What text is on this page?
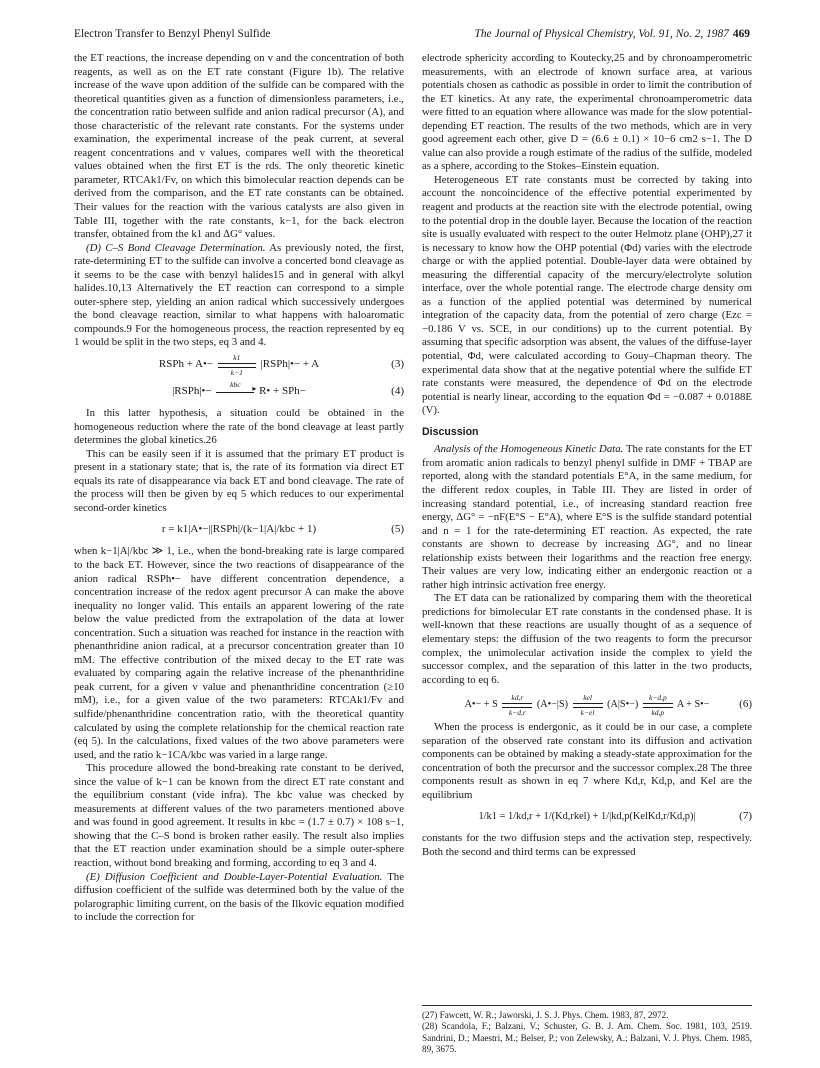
Electron Transfer to Benzyl Phenyl Sulfide	The Journal of Physical Chemistry, Vol. 91, No. 2, 1987 469

the ET reactions, the increase depending on v and the concentration of both reagents, as well as on the ET rate constant (Figure 1b). The relative increase of the wave upon addition of the sulfide can be compared with the theoretical quantities given as a function of dimensionless parameters, i.e., the concentration ratio between sulfide and anion radical precursor (A), and those characteristic of the relevant rate constants. For the systems under examination, the experimental increase of the peak current, at several reagent concentrations and v values, compares well with the theoretical values obtained when the first ET is the rds. The only theoretic kinetic parameter, RTCAk1/Fv, on which this bimolecular reaction depends can be derived from the comparison, and the ET rate constants can be obtained. Their values for the reaction with the various catalysts are also given in Table III, together with the rate constants, k−1, for the back electron transfer, obtained from the k1 and ΔG° values.

(D) C–S Bond Cleavage Determination. As previously noted, the first, rate-determining ET to the sulfide can involve a concerted bond cleavage as it seems to be the case with benzyl halides15 and in general with alkyl halides.10,13 Alternatively the ET reaction can correspond to a simple outer-sphere step, yielding an anion radical which successively undergoes the bond cleavage reaction, similar to what happens with haloaromatic compounds.9 For the homogeneous process, the reaction represented by eq 1 would be split in the two steps, eq 3 and 4.

RSPh + A•− $\frac{k1}{k-1}$ |RSPh|•− + A	(3)
|RSPh|•−
kbc	▸ R• + SPh−	(4)

In this latter hypothesis, a situation could be obtained in the homogeneous reduction where the rate of the bond cleavage at least partly determines the global kinetics.26

This can be easily seen if it is assumed that the primary ET product is present in a stationary state; that is, the rate of its formation via direct ET equals its rate of disappearance via back ET and bond cleavage. The rate of the process will then be given by eq 5 which reduces to our experimental second-order kinetics

r = k1|A•−||RSPh|/(k−1|A|/kbc + 1)	(5)

when k−1|A|/kbc ≫ 1, i.e., when the bond-breaking rate is large compared to the back ET. However, since the two reactions of disappearance of the anion radical RSPh•− have different concentration dependence, a concentration increase of the redox agent precursor A can make the above inequality no longer valid. This entails an apparent lowering of the rate below the value predicted from the extrapolation of the data at lower concentration. Such a situation was reached for instance in the reaction with phenanthridine anion radical, at a precursor concentration greater than 10 mM. The effective contribution of the mixed decay to the ET rate was evaluated by comparing again the relative increase of the phenanthridine peak current, for a given v value and phenanthridine concentration (≥10 mM), i.e., for a given value of the two parameters: RTCAk1/Fv and sulfide/phenanthridine concentration ratio, with the theoretical quantity calculated by using the complete relationship for the chemical reaction rate (eq 5). In the calculations, fixed values of the two above parameters were used, and the ratio k−1CA/kbc was varied in a large range.

This procedure allowed the bond-breaking rate constant to be derived, since the value of k−1 can be known from the direct ET rate constant and the equilibrium constant (vide infra). The kbc value was checked by measurements at different values of the two parameters mentioned above and was found in good agreement. It results in kbc = (1.7 ± 0.7) × 108 s−1, showing that the C–S bond is broken rather easily. The result also implies that the ET reaction under examination should be a simple outer-sphere reaction, without bond breaking and forming, according to eq 3 and 4.

(E) Diffusion Coefficient and Double-Layer-Potential Evaluation. The diffusion coefficient of the sulfide was determined both by the value of the polarographic limiting current, on the basis of the Ilkovic equation modified to include the correction for

electrode sphericity according to Koutecky,25 and by chronoamperometric measurements, with an electrode of known surface area, at various potentials chosen as cathodic as possible in order to limit the contribution of the ET kinetics. At any rate, the experimental chronoamperometric data were fitted to an equation where allowance was made for the slow potential-depending ET reaction. The results of the two methods, which are in very good agreement each other, give D = (6.6 ± 0.1) × 10−6 cm2 s−1. The D value can also provide a rough estimate of the radius of the sulfide, modeled as a sphere, according to the Stokes–Einstein equation.

Heterogeneous ET rate constants must be corrected by taking into account the noncoincidence of the effective potential experimented by reagent and products at the reaction site with the electrode potential, owing to the potential drop in the double layer. Because the location of the reaction site is usually evaluated with respect to the outer Helmotz plane (OHP),27 it is necessary to know how the OHP potential (Φd) varies with the electrode charge or with the applied potential. Double-layer data were obtained by measuring the differential capacity of the mercury/electrolyte solution interface, over the whole potential range. The electrode charge density σm as a function of the applied potential was determined by numerical integration of the capacity data, from the potential of zero charge (Ezc = −0.186 V vs. SCE, in our conditions) up to the current potential. By assuming that specific adsorption was absent, the values of the diffuse-layer potential, Φd, were calculated according to Gouy–Chapman theory. The experimental data show that at the negative potential where the sulfide ET rate constants were measured, the dependence of Φd on the electrode potential is nearly linear, according to the equation Φd = −0.087 + 0.0188E (V).

Discussion

Analysis of the Homogeneous Kinetic Data. The rate constants for the ET from aromatic anion radicals to benzyl phenyl sulfide in DMF + TBAP are reported, along with the standard potentials E°A, in the same medium, for the different redox couples, in Table III. They are listed in order of increasing standard potential, i.e., of increasing standard reaction free energy, ΔG° = −nF(E°S − E°A), where E°S is the sulfide standard potential and n = 1 for the rate-determining ET reaction. As expected, the rate constants are shown to decrease by increasing ΔG°, and no linear relationship exists between their logarithms and the reaction free energy. Their values are very low, indicating either an endergonic reaction or a rather high intrinsic activation free energy.

The ET data can be rationalized by comparing them with the theoretical predictions for bimolecular ET rate constants in the condensed phase. It is well-known that these reactions are usually thought of as a sequence of elementary steps: the diffusion of the two reagents to form the precursor complex, the unimolecular activation inside the complex to yield the successor complex, and the separation of this latter in the two products, according to eq 6.

A•− + S $\frac{kd,r}{k-d,r}$ (A•−|S)
kel
k−el
(A|S•−) $\frac{k-d,p}{kd,p}$ A + S•−	(6)

When the process is endergonic, as it could be in our case, a complete separation of the observed rate constant into its diffusion and activation components can be obtained by making a steady-state approximation for the concentration of both the precursor and the successor complex.28 The three components result as shown in eq 7 where Kd,r, Kd,p, and Kel are the equilibrium

1/k1 = 1/kd,r + 1/(Kd,rkel) + 1/|kd,p(KelKd,r/Kd,p)|	(7)

constants for the two diffusion steps and the activation step, respectively. Both the second and third terms can be expressed

(27) Fawcett, W. R.; Jaworski, J. S. J. Phys. Chem. 1983, 87, 2972.

(28) Scandola, F.; Balzani, V.; Schuster, G. B. J. Am. Chem. Soc. 1981, 103, 2519. Sandrini, D.; Maestri, M.; Belser, P.; von Zelewsky, A.; Balzani, V. J. Phys. Chem. 1985, 89, 3675.
